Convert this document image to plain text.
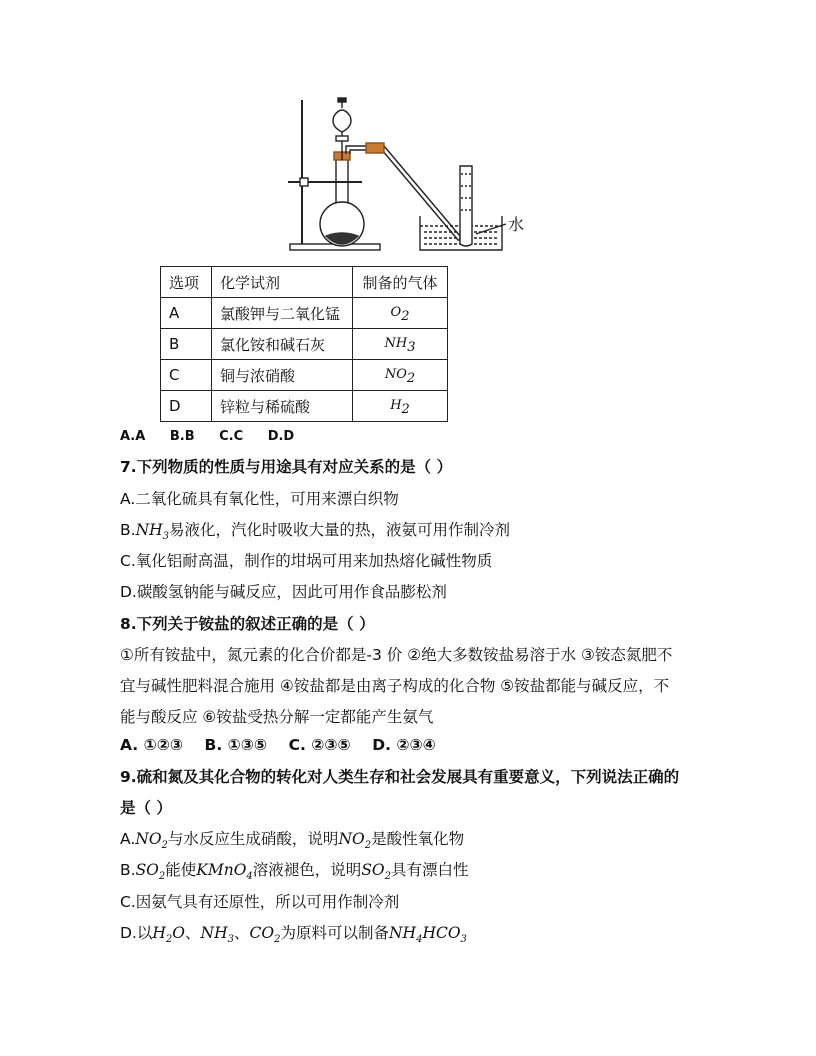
水
选项	化学试剂	制备的气体
A	氯酸钾与二氧化锰	$O_2$
B	氯化铵和碱石灰	$NH_3$
C	铜与浓硝酸	$NO_2$
D	锌粒与稀硫酸	$H_2$
A.A B.B C.C D.D
7.下列物质的性质与用途具有对应关系的是（ ）
A.二氧化硫具有氧化性，可用来漂白织物
$B.NH_3$易液化，汽化时吸收大量的热，液氨可用作制冷剂
C.氧化铝耐高温，制作的坩埚可用来加热熔化碱性物质
D.碳酸氢钠能与碱反应，因此可用作食品膨松剂
8.下列关于铵盐的叙述正确的是（ ）
①所有铵盐中，氮元素的化合价都是-3 价 ②绝大多数铵盐易溶于水 ③铵态氮肥不
宜与碱性肥料混合施用 ④铵盐都是由离子构成的化合物 ⑤铵盐都能与碱反应，不
能与酸反应 ⑥铵盐受热分解一定都能产生氨气
A. ①②③ B. ①③⑤ C. ②③⑤ D. ②③④
9.硫和氮及其化合物的转化对人类生存和社会发展具有重要意义，下列说法正确的
是（ ）
$A.NO_2$与水反应生成硝酸，说明$NO_2$是酸性氧化物
$B.SO_2$能使KMnO$_4$溶液褪色，说明$SO_2$具有漂白性
C.因氨气具有还原性，所以可用作制冷剂
D.以$H_2O$、$NH_3$、$CO_2$为原料可以制备$NH_4HCO_3$
